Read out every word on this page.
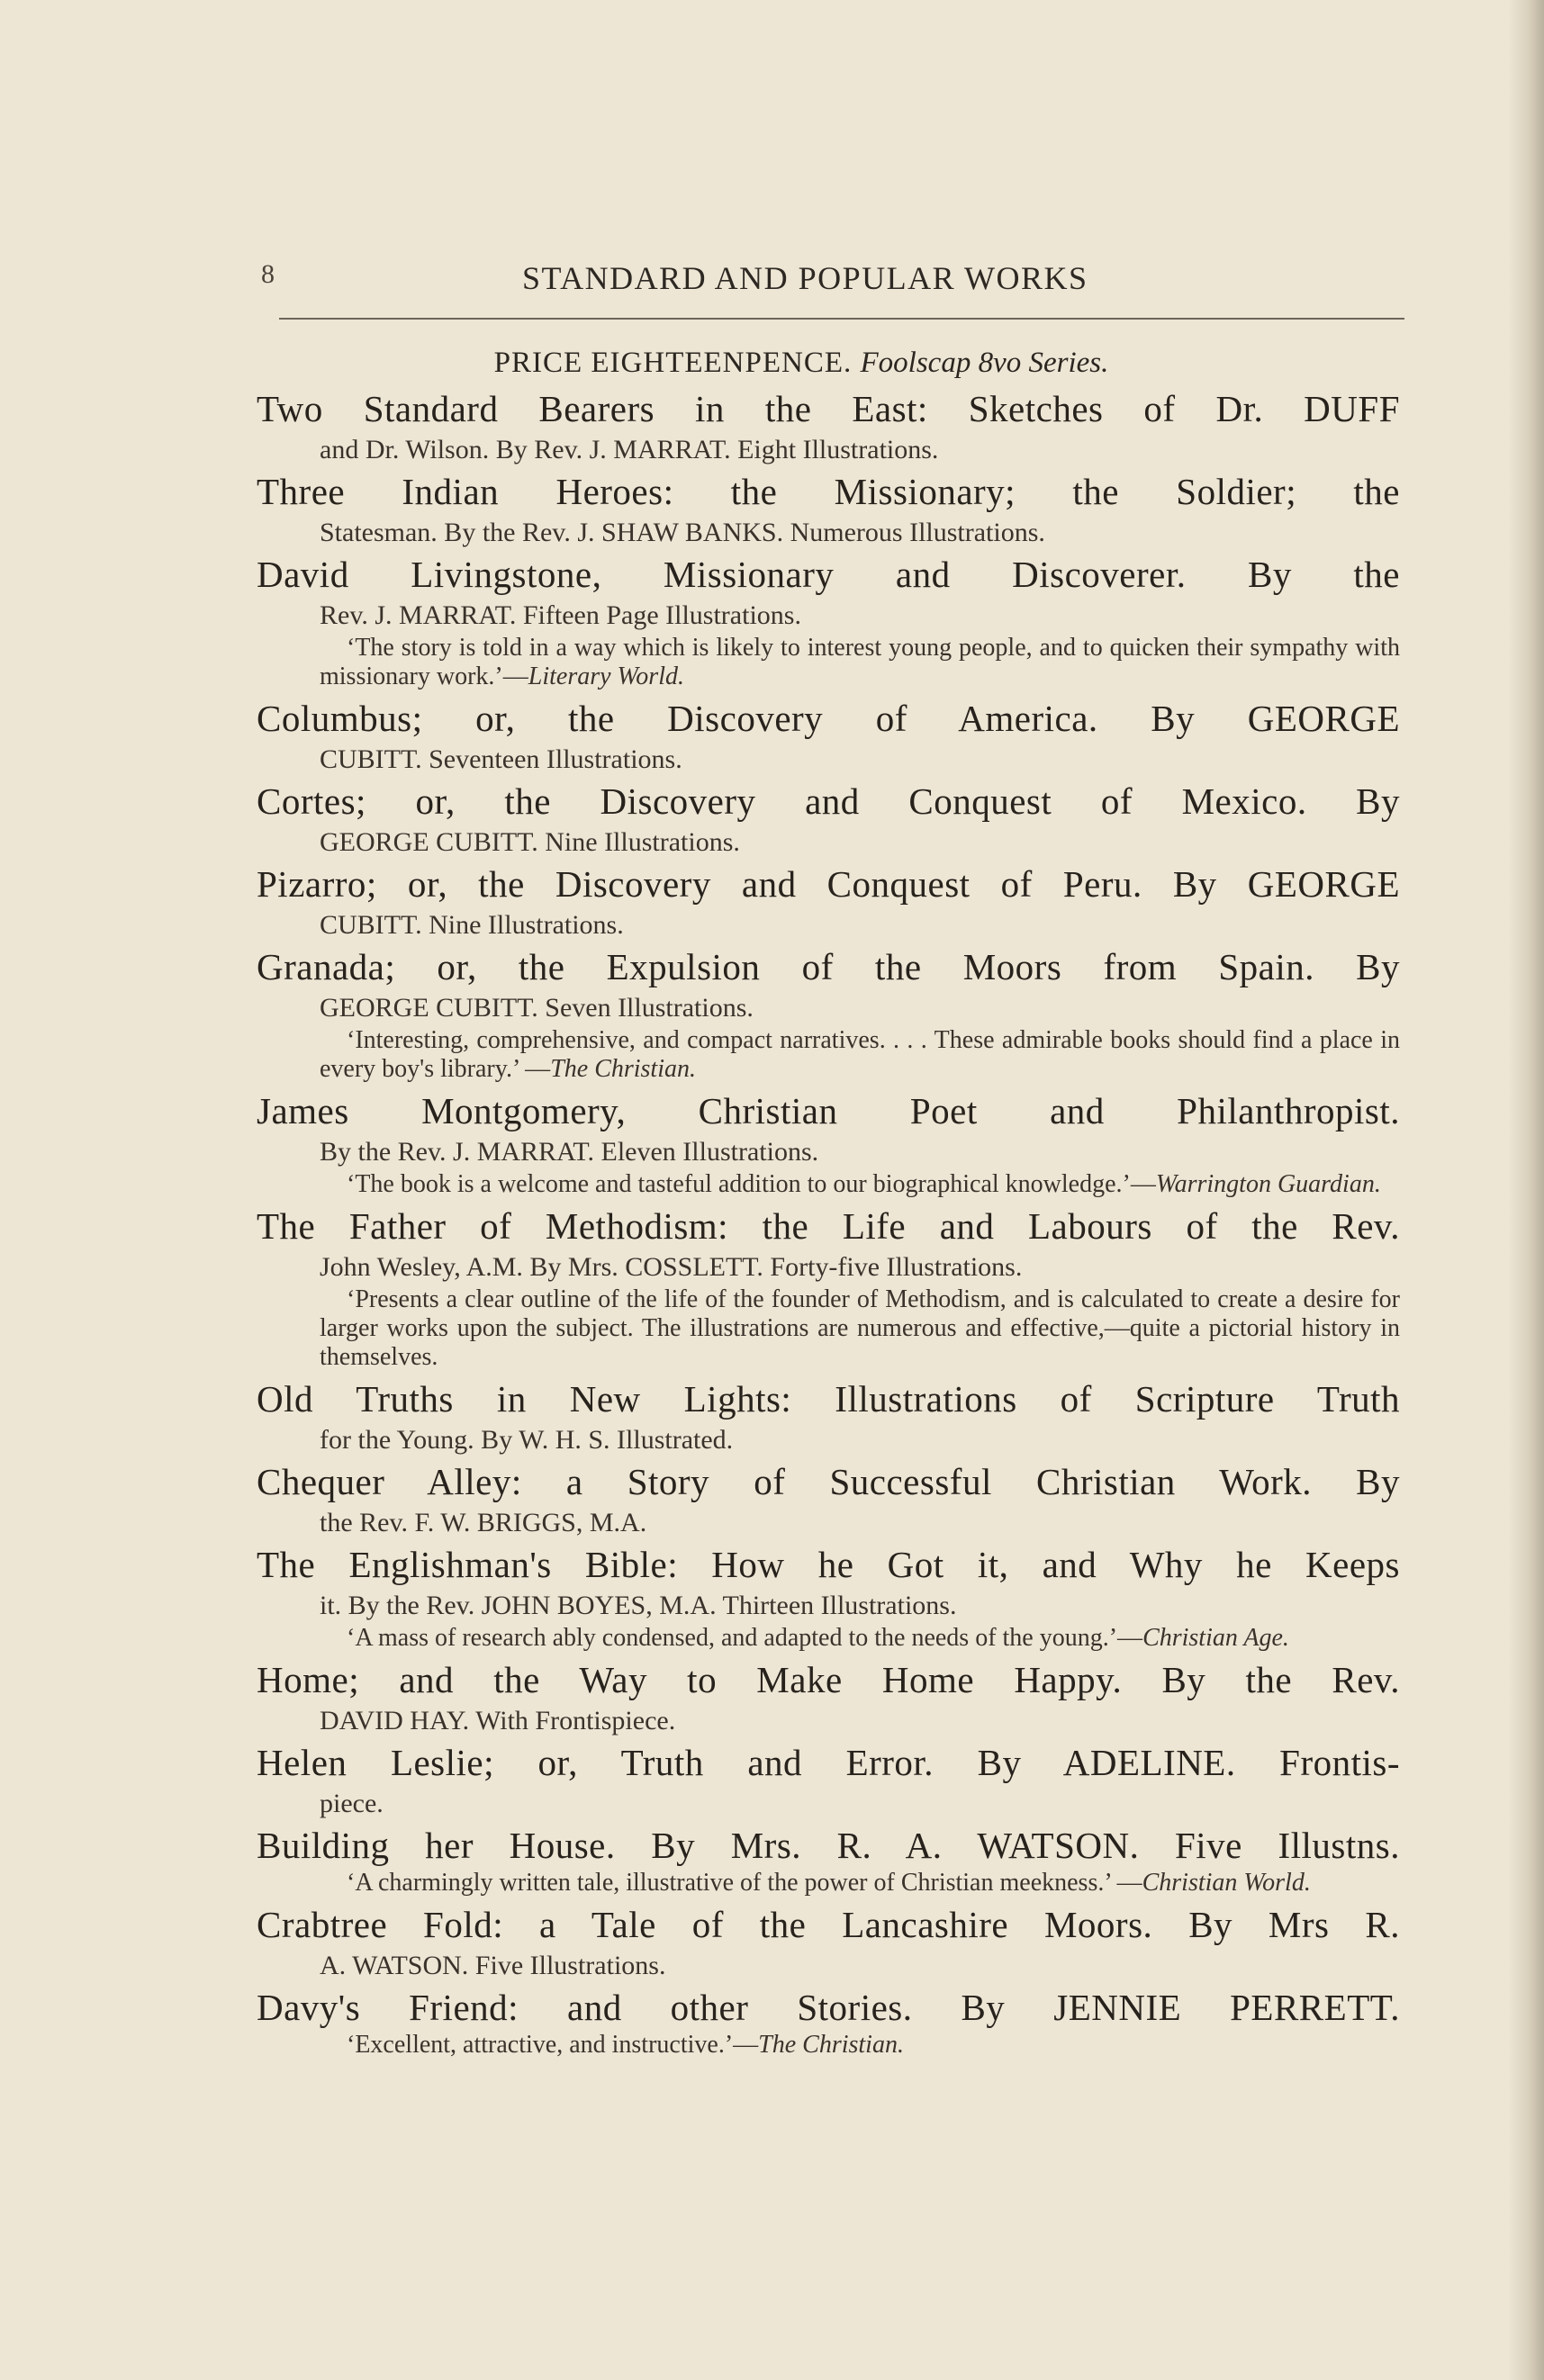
8	STANDARD AND POPULAR WORKS
PRICE EIGHTEENPENCE. Foolscap 8vo Series.
Two Standard Bearers in the East: Sketches of Dr. DUFF
and Dr. Wilson. By Rev. J. MARRAT. Eight Illustrations.
Three Indian Heroes: the Missionary; the Soldier; the
Statesman. By the Rev. J. SHAW BANKS. Numerous Illustrations.
David Livingstone, Missionary and Discoverer. By the
Rev. J. MARRAT. Fifteen Page Illustrations.
‘The story is told in a way which is likely to interest young people, and to quicken their sympathy with missionary work.’—Literary World.
Columbus; or, the Discovery of America. By GEORGE
CUBITT. Seventeen Illustrations.
Cortes; or, the Discovery and Conquest of Mexico. By
GEORGE CUBITT. Nine Illustrations.
Pizarro; or, the Discovery and Conquest of Peru. By GEORGE
CUBITT. Nine Illustrations.
Granada; or, the Expulsion of the Moors from Spain. By
GEORGE CUBITT. Seven Illustrations.
‘Interesting, comprehensive, and compact narratives. . . . These admirable books should find a place in every boy's library.’ —The Christian.
James Montgomery, Christian Poet and Philanthropist.
By the Rev. J. MARRAT. Eleven Illustrations.
‘The book is a welcome and tasteful addition to our biographical knowledge.’—Warrington Guardian.
The Father of Methodism: the Life and Labours of the Rev.
John Wesley, A.M. By Mrs. COSSLETT. Forty-five Illustrations.
‘Presents a clear outline of the life of the founder of Methodism, and is calculated to create a desire for larger works upon the subject. The illustrations are numerous and effective,—quite a pictorial history in themselves.
Old Truths in New Lights: Illustrations of Scripture Truth
for the Young. By W. H. S. Illustrated.
Chequer Alley: a Story of Successful Christian Work. By
the Rev. F. W. BRIGGS, M.A.
The Englishman's Bible: How he Got it, and Why he Keeps
it. By the Rev. JOHN BOYES, M.A. Thirteen Illustrations.
‘A mass of research ably condensed, and adapted to the needs of the young.’—Christian Age.
Home; and the Way to Make Home Happy. By the Rev.
DAVID HAY. With Frontispiece.
Helen Leslie; or, Truth and Error. By ADELINE. Frontis-
piece.
Building her House. By Mrs. R. A. WATSON. Five Illustns.
‘A charmingly written tale, illustrative of the power of Christian meekness.’ —Christian World.
Crabtree Fold: a Tale of the Lancashire Moors. By Mrs R.
A. WATSON. Five Illustrations.
Davy's Friend: and other Stories. By JENNIE PERRETT.
‘Excellent, attractive, and instructive.’—The Christian.
